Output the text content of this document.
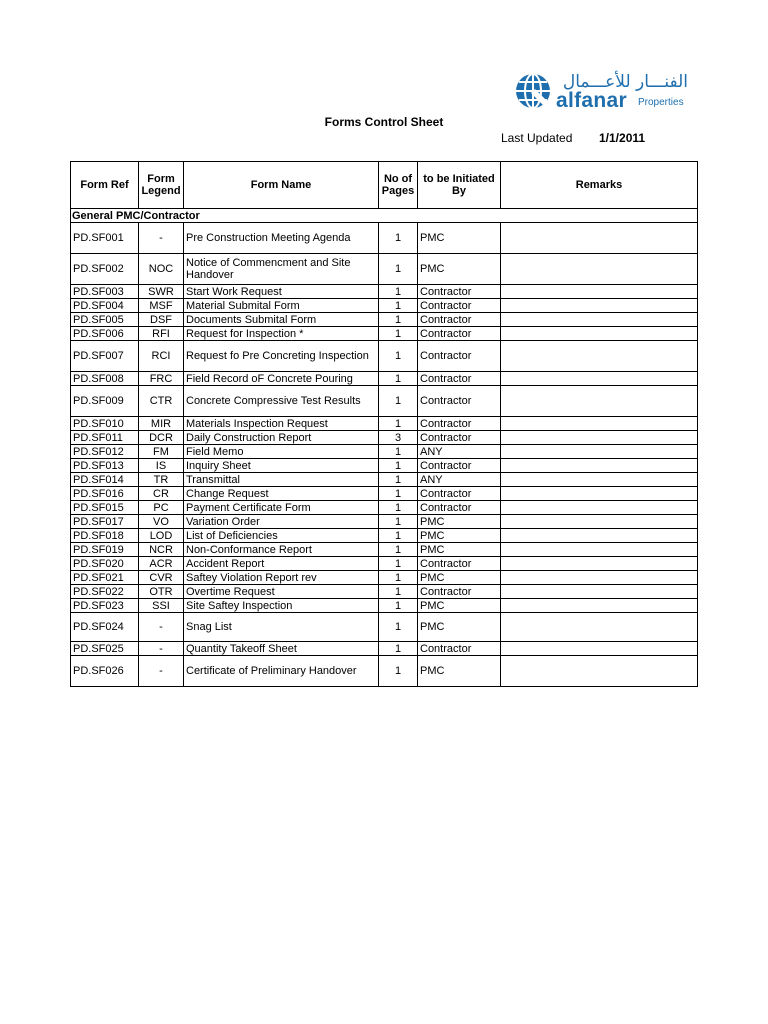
الفنـــار للأعـــمال
alfanar Properties
Forms Control Sheet
Last Updated 1/1/2011
Form Ref	Form Legend	Form Name	No of Pages	to be Initiated By	Remarks
General PMC/Contractor					
PD.SF001	-	Pre Construction Meeting Agenda	1	PMC	
PD.SF002	NOC	Notice of Commencment and Site Handover	1	PMC	
PD.SF003	SWR	Start Work Request	1	Contractor	
PD.SF004	MSF	Material Submital Form	1	Contractor	
PD.SF005	DSF	Documents Submital Form	1	Contractor	
PD.SF006	RFI	Request for Inspection *	1	Contractor	
PD.SF007	RCI	Request fo Pre Concreting Inspection	1	Contractor	
PD.SF008	FRC	Field Record oF Concrete Pouring	1	Contractor	
PD.SF009	CTR	Concrete Compressive Test Results	1	Contractor	
PD.SF010	MIR	Materials Inspection Request	1	Contractor	
PD.SF011	DCR	Daily Construction Report	3	Contractor	
PD.SF012	FM	Field Memo	1	ANY	
PD.SF013	IS	Inquiry Sheet	1	Contractor	
PD.SF014	TR	Transmittal	1	ANY	
PD.SF016	CR	Change Request	1	Contractor	
PD.SF015	PC	Payment Certificate Form	1	Contractor	
PD.SF017	VO	Variation Order	1	PMC	
PD.SF018	LOD	List of Deficiencies	1	PMC	
PD.SF019	NCR	Non-Conformance Report	1	PMC	
PD.SF020	ACR	Accident Report	1	Contractor	
PD.SF021	CVR	Saftey Violation Report rev	1	PMC	
PD.SF022	OTR	Overtime Request	1	Contractor	
PD.SF023	SSI	Site Saftey Inspection	1	PMC	
PD.SF024	-	Snag List	1	PMC	
PD.SF025	-	Quantity Takeoff Sheet	1	Contractor	
PD.SF026	-	Certificate of Preliminary Handover	1	PMC	
